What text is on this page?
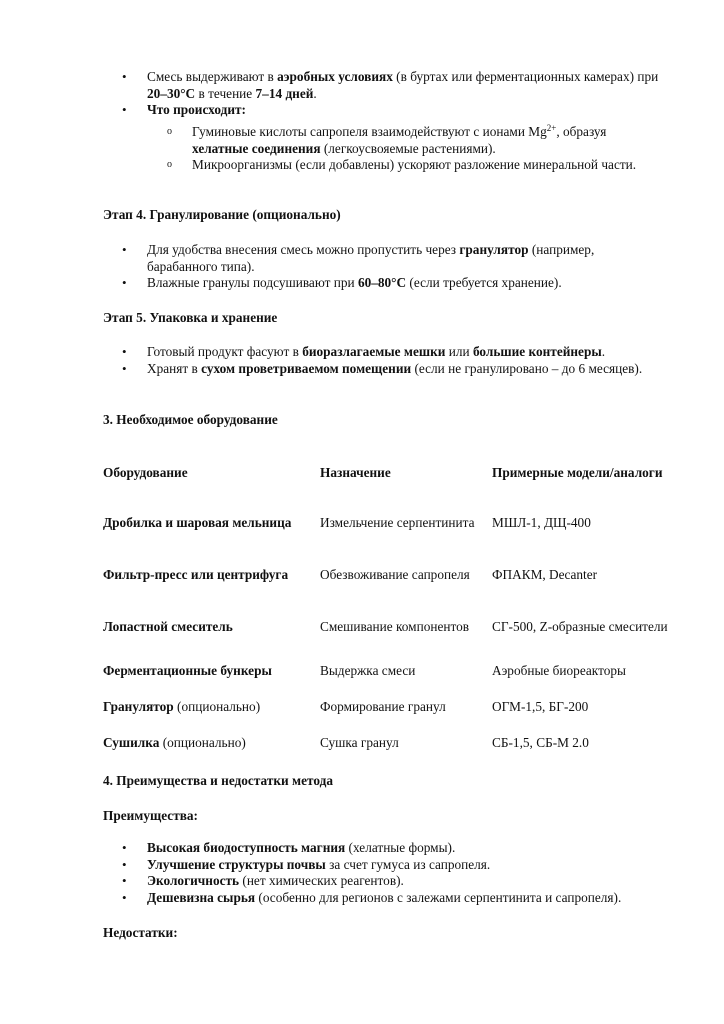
• Смесь выдерживают в аэробных условиях (в буртах или ферментационных камерах) при 20–30°C в течение 7–14 дней.
• Что происходит:
o Гуминовые кислоты сапропеля взаимодействуют с ионами $Mg^{2+}$, образуя хелатные соединения (легкоусвояемые растениями).
o Микроорганизмы (если добавлены) ускоряют разложение минеральной части.
Этап 4. Гранулирование (опционально)
• Для удобства внесения смесь можно пропустить через гранулятор (например, барабанного типа).
• Влажные гранулы подсушивают при 60–80°C (если требуется хранение).
Этап 5. Упаковка и хранение
• Готовый продукт фасуют в биоразлагаемые мешки или большие контейнеры.
• Хранят в сухом проветриваемом помещении (если не гранулировано – до 6 месяцев).
3. Необходимое оборудование
Оборудование	Назначение	Примерные модели/аналоги
Дробилка и шаровая мельница	Измельчение серпентинита	МШЛ-1, ДЩ-400
Фильтр-пресс или центрифуга	Обезвоживание сапропеля	ФПАКМ, Decanter
Лопастной смеситель	Смешивание компонентов	СГ-500, Z-образные смесители
Ферментационные бункеры	Выдержка смеси	Аэробные биореакторы
Гранулятор (опционально)	Формирование гранул	ОГМ-1,5, БГ-200
Сушилка (опционально)	Сушка гранул	СБ-1,5, СБ-М 2.0
4. Преимущества и недостатки метода
Преимущества:
• Высокая биодоступность магния (хелатные формы).
• Улучшение структуры почвы за счет гумуса из сапропеля.
• Экологичность (нет химических реагентов).
• Дешевизна сырья (особенно для регионов с залежами серпентинита и сапропеля).
Недостатки:
